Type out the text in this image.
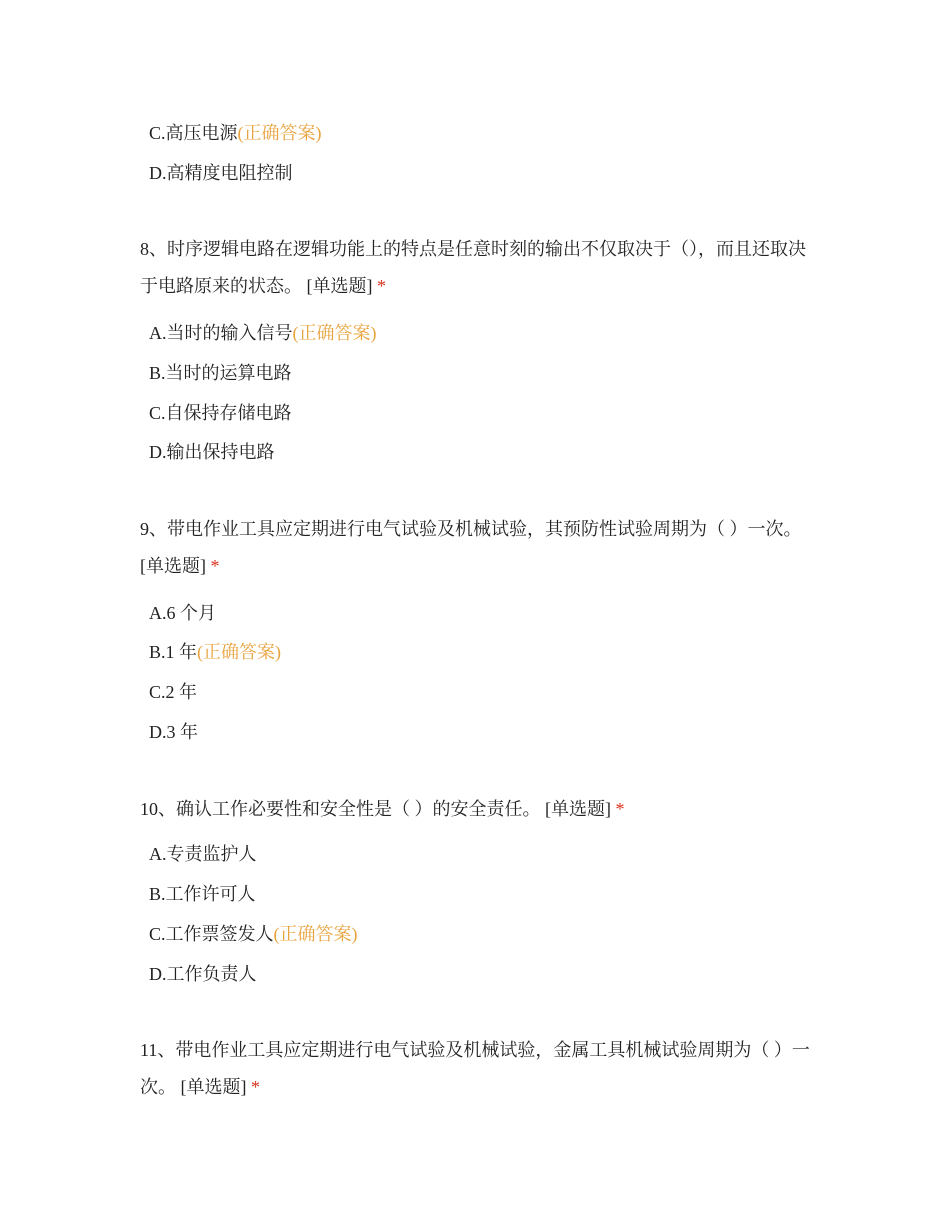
C.高压电源(正确答案)
D.高精度电阻控制

8、时序逻辑电路在逻辑功能上的特点是任意时刻的输出不仅取决于（），而且还取决于电路原来的状态。 [单选题] *

A.当时的输入信号(正确答案)
B.当时的运算电路
C.自保持存储电路
D.输出保持电路

9、带电作业工具应定期进行电气试验及机械试验，其预防性试验周期为（ ）一次。 [单选题] *

A.6 个月
B.1 年(正确答案)
C.2 年
D.3 年

10、确认工作必要性和安全性是（ ）的安全责任。 [单选题] *

A.专责监护人
B.工作许可人
C.工作票签发人(正确答案)
D.工作负责人

11、带电作业工具应定期进行电气试验及机械试验，金属工具机械试验周期为（ ）一次。 [单选题] *
